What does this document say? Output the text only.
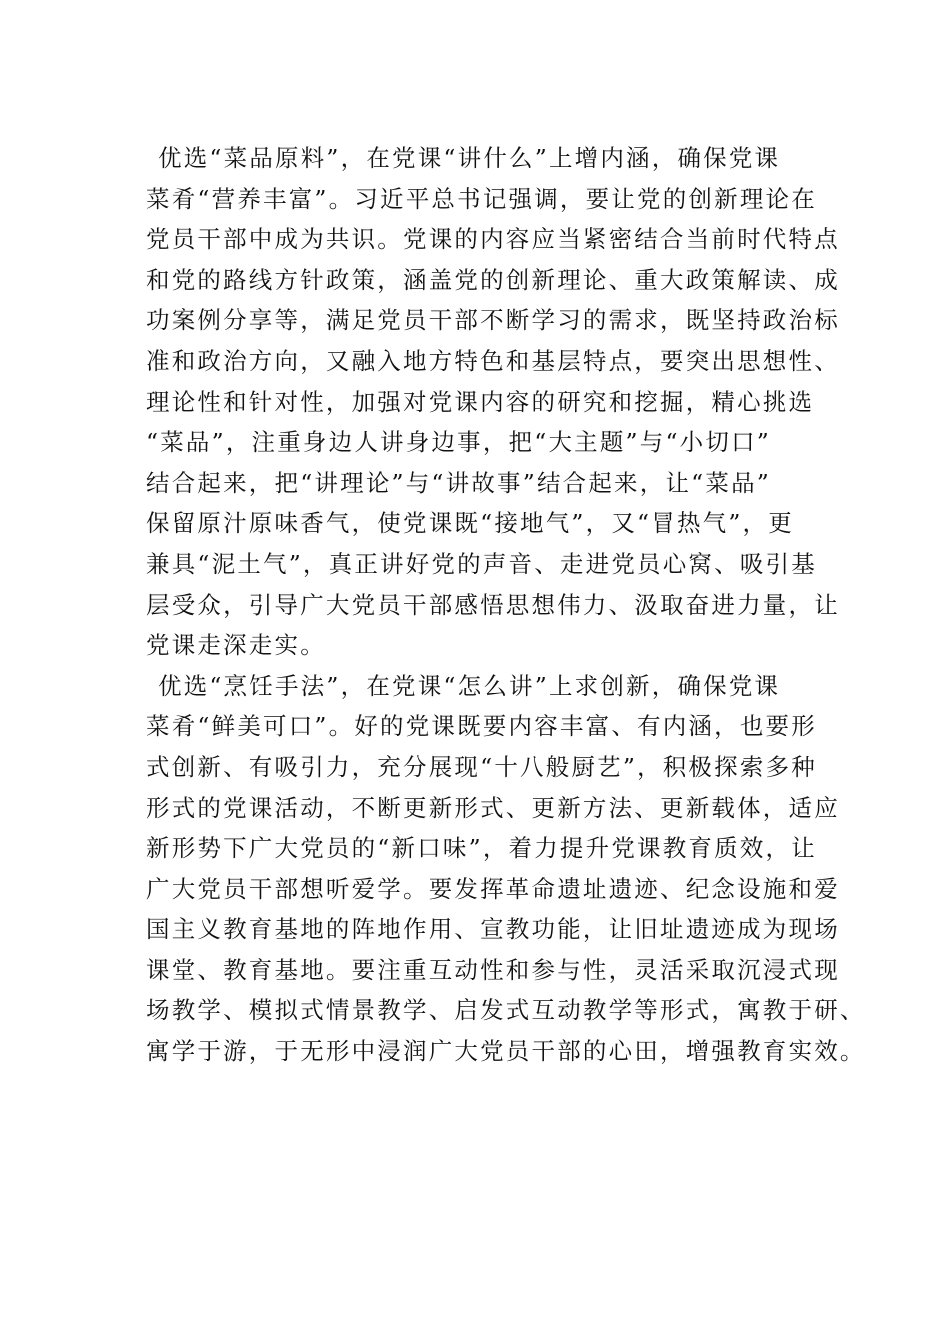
优选“菜品原料”，在党课“讲什么”上增内涵，确保党课
菜肴“营养丰富”。习近平总书记强调，要让党的创新理论在
党员干部中成为共识。党课的内容应当紧密结合当前时代特点
和党的路线方针政策，涵盖党的创新理论、重大政策解读、成
功案例分享等，满足党员干部不断学习的需求，既坚持政治标
准和政治方向，又融入地方特色和基层特点，要突出思想性、
理论性和针对性，加强对党课内容的研究和挖掘，精心挑选
“菜品”，注重身边人讲身边事，把“大主题”与“小切口”
结合起来，把“讲理论”与“讲故事”结合起来，让“菜品”
保留原汁原味香气，使党课既“接地气”，又“冒热气”，更
兼具“泥土气”，真正讲好党的声音、走进党员心窝、吸引基
层受众，引导广大党员干部感悟思想伟力、汲取奋进力量，让
党课走深走实。
优选“烹饪手法”，在党课“怎么讲”上求创新，确保党课
菜肴“鲜美可口”。好的党课既要内容丰富、有内涵，也要形
式创新、有吸引力，充分展现“十八般厨艺”，积极探索多种
形式的党课活动，不断更新形式、更新方法、更新载体，适应
新形势下广大党员的“新口味”，着力提升党课教育质效，让
广大党员干部想听爱学。要发挥革命遗址遗迹、纪念设施和爱
国主义教育基地的阵地作用、宣教功能，让旧址遗迹成为现场
课堂、教育基地。要注重互动性和参与性，灵活采取沉浸式现
场教学、模拟式情景教学、启发式互动教学等形式，寓教于研、
寓学于游，于无形中浸润广大党员干部的心田，增强教育实效。
